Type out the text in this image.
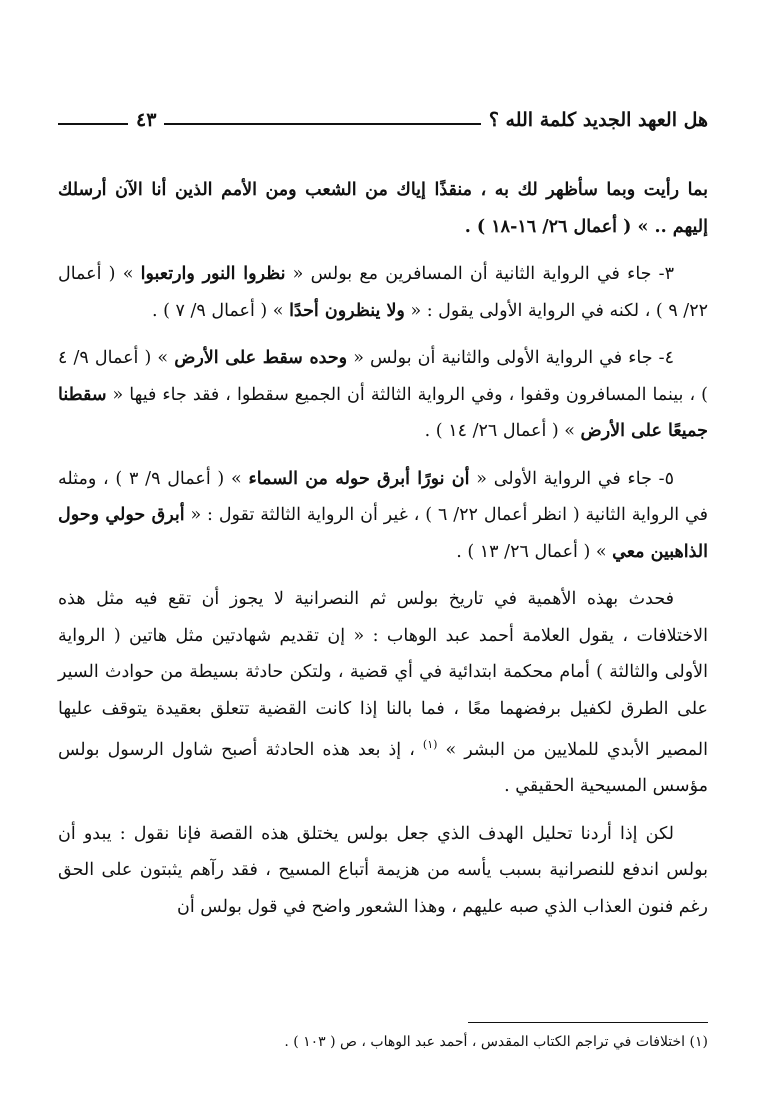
هل العهد الجديد كلمة الله ؟
٤٣

بما رأيت وبما سأظهر لك به ، منقذًا إياك من الشعب ومن الأمم الذين أنا الآن أرسلك إليهم .. » ( أعمال ٢٦/ ١٦-١٨ ) .

٣- جاء في الرواية الثانية أن المسافرين مع بولس « نظروا النور وارتعبوا » ( أعمال ٢٢/ ٩ ) ، لكنه في الرواية الأولى يقول : « ولا ينظرون أحدًا » ( أعمال ٩/ ٧ ) .

٤- جاء في الرواية الأولى والثانية أن بولس « وحده سقط على الأرض » ( أعمال ٩/ ٤ ) ، بينما المسافرون وقفوا ، وفي الرواية الثالثة أن الجميع سقطوا ، فقد جاء فيها « سقطنا جميعًا على الأرض » ( أعمال ٢٦/ ١٤ ) .

٥- جاء في الرواية الأولى « أن نورًا أبرق حوله من السماء » ( أعمال ٩/ ٣ ) ، ومثله في الرواية الثانية ( انظر أعمال ٢٢/ ٦ ) ، غير أن الرواية الثالثة تقول : « أبرق حولي وحول الذاهبين معي » ( أعمال ٢٦/ ١٣ ) .

فحدث بهذه الأهمية في تاريخ بولس ثم النصرانية لا يجوز أن تقع فيه مثل هذه الاختلافات ، يقول العلامة أحمد عبد الوهاب : « إن تقديم شهادتين مثل هاتين ( الرواية الأولى والثالثة ) أمام محكمة ابتدائية في أي قضية ، ولتكن حادثة بسيطة من حوادث السير على الطرق لكفيل برفضهما معًا ، فما بالنا إذا كانت القضية تتعلق بعقيدة يتوقف عليها المصير الأبدي للملايين من البشر » $^{(١)}$ ، إذ بعد هذه الحادثة أصبح شاول الرسول بولس مؤسس المسيحية الحقيقي .

لكن إذا أردنا تحليل الهدف الذي جعل بولس يختلق هذه القصة فإنا نقول : يبدو أن بولس اندفع للنصرانية بسبب يأسه من هزيمة أتباع المسيح ، فقد رآهم يثبتون على الحق رغم فنون العذاب الذي صبه عليهم ، وهذا الشعور واضح في قول بولس أن

(١) اختلافات في تراجم الكتاب المقدس ، أحمد عبد الوهاب ، ص ( ١٠٣ ) .
